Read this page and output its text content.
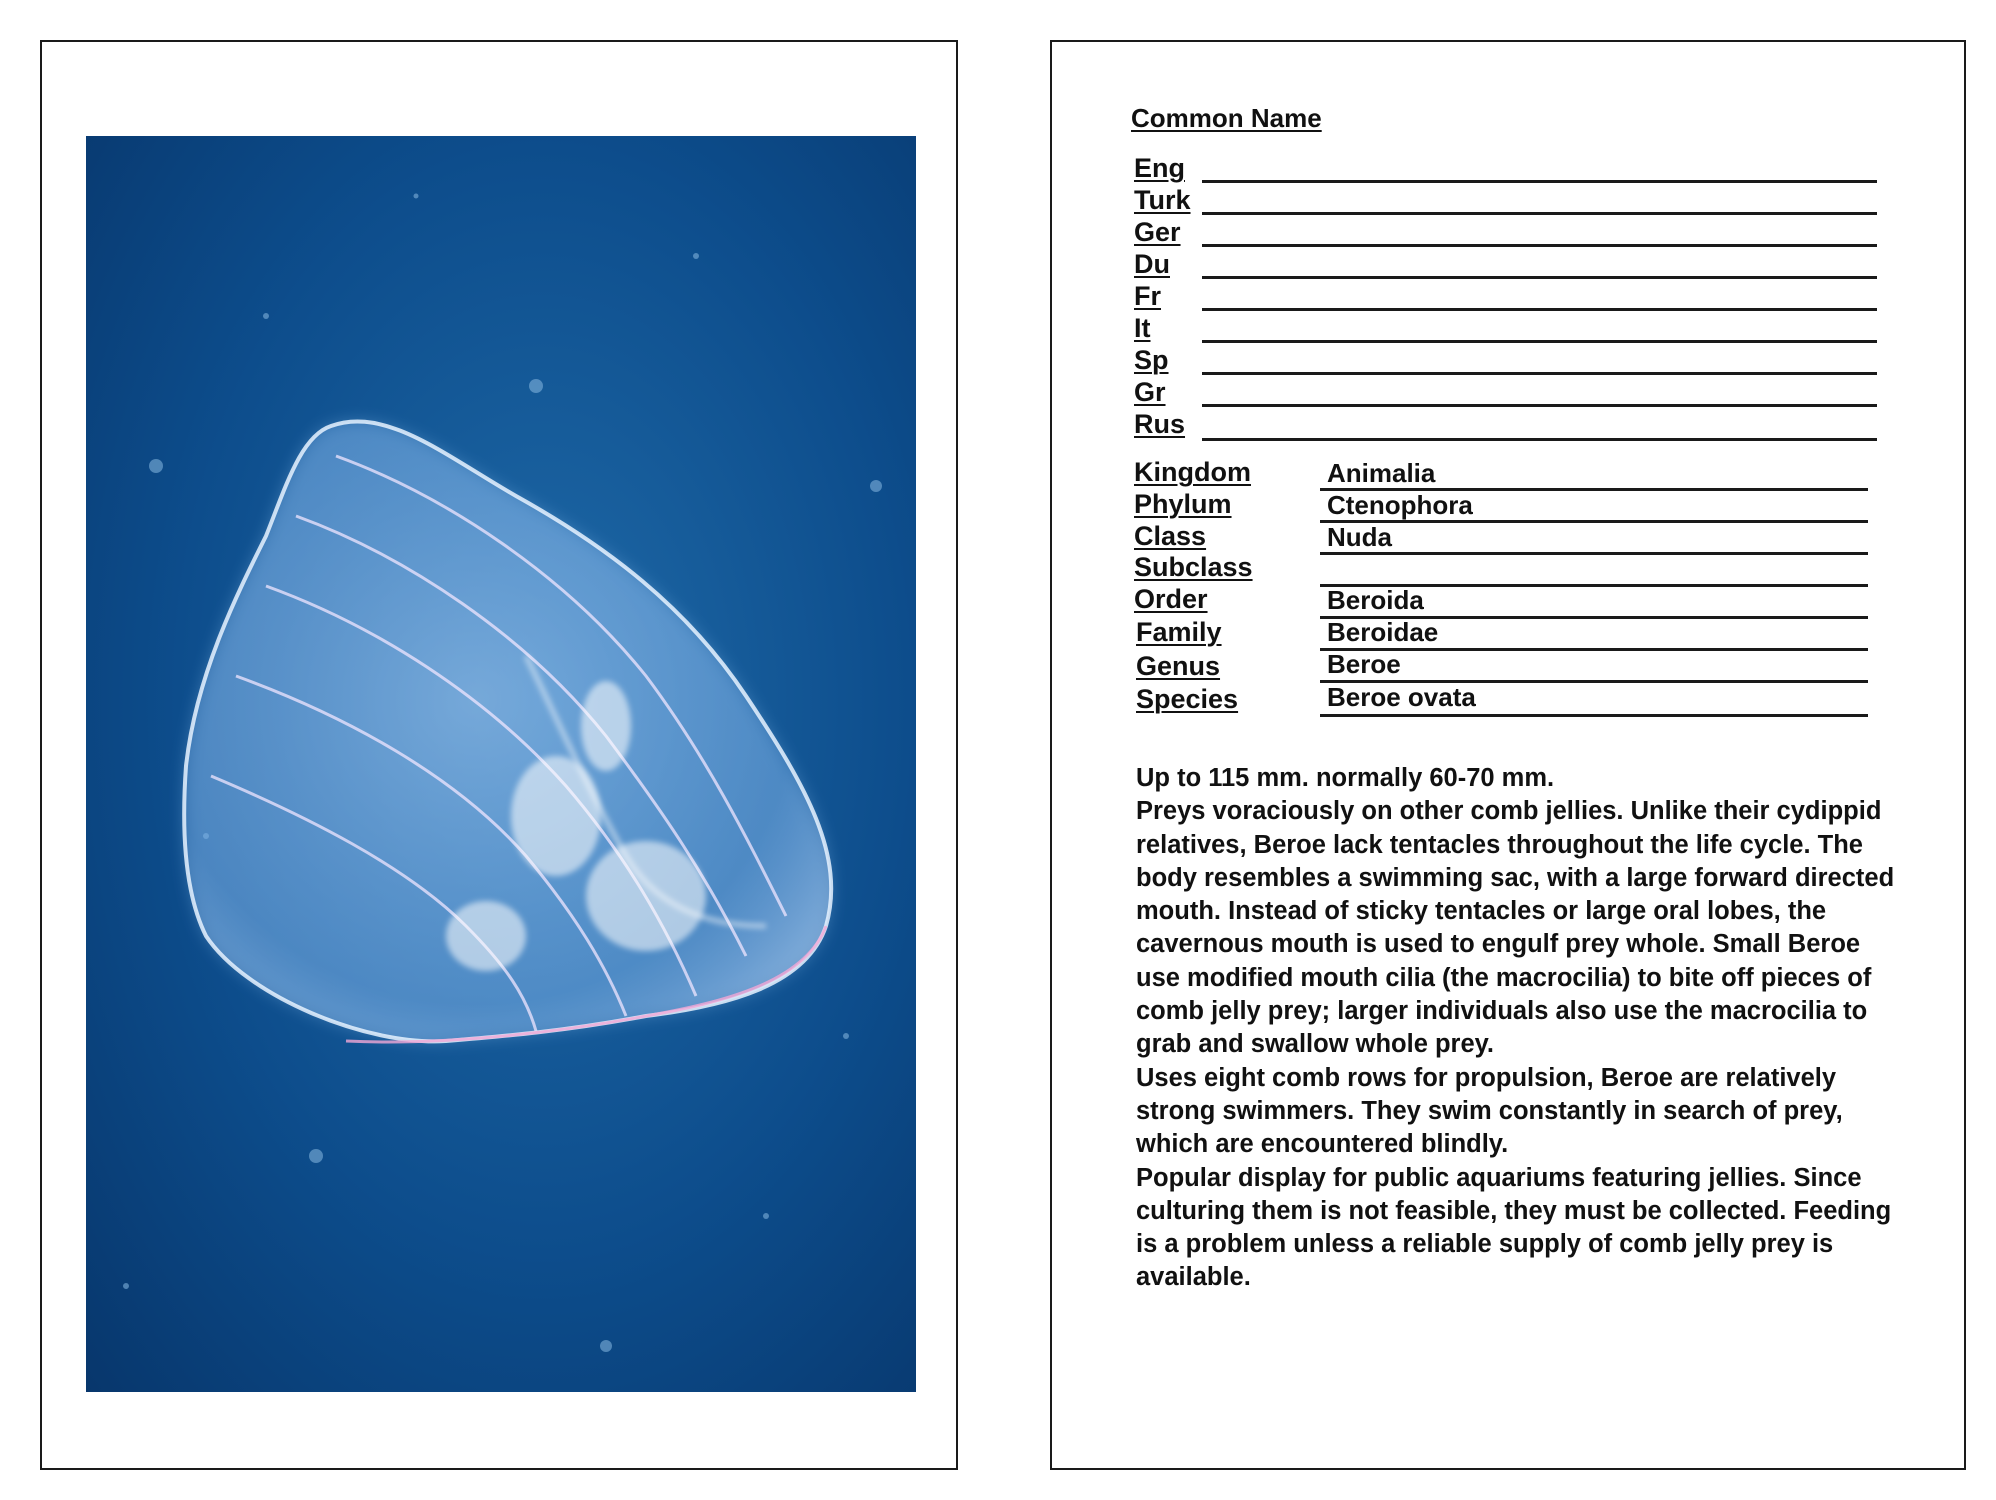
Common Name
Eng
Turk
Ger
Du
Fr
It
Sp
Gr
Rus
Kingdom	Animalia
Phylum	Ctenophora
Class	Nuda
Subclass
Order	Beroida
Family	Beroidae
Genus	Beroe
Species	Beroe ovata

Up to 115 mm. normally 60-70 mm.

Preys voraciously on other comb jellies. Unlike their cydippid relatives, Beroe lack tentacles throughout the life cycle. The body resembles a swimming sac, with a large forward directed mouth. Instead of sticky tentacles or large oral lobes, the cavernous mouth is used to engulf prey whole. Small Beroe use modified mouth cilia (the macrocilia) to bite off pieces of comb jelly prey; larger individuals also use the macrocilia to grab and swallow whole prey.

Uses eight comb rows for propulsion, Beroe are relatively strong swimmers. They swim constantly in search of prey, which are encountered blindly.

Popular display for public aquariums featuring jellies. Since culturing them is not feasible, they must be collected. Feeding is a problem unless a reliable supply of comb jelly prey is available.
